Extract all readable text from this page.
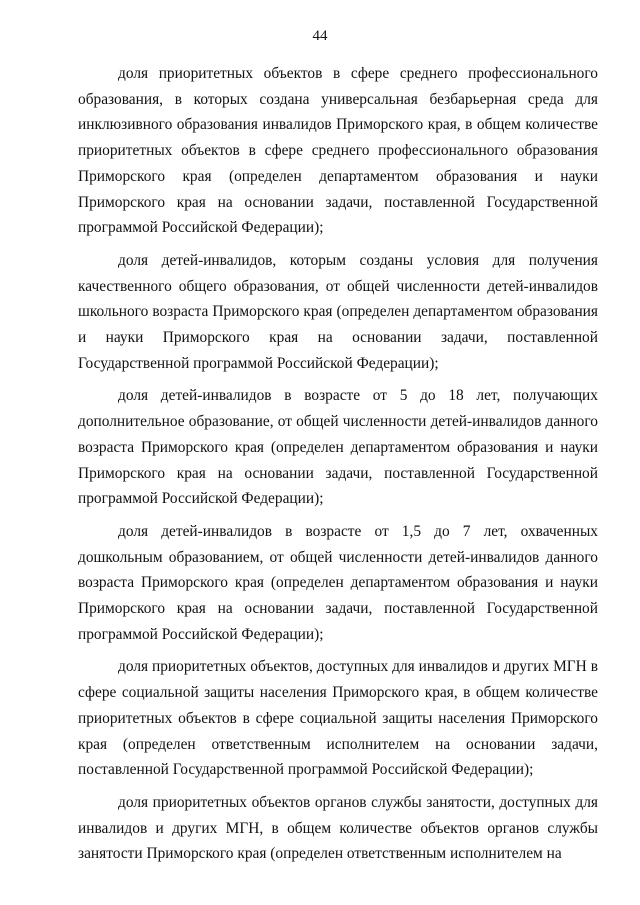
44

доля приоритетных объектов в сфере среднего профессионального образования, в которых создана универсальная безбарьерная среда для инклюзивного образования инвалидов Приморского края, в общем количестве приоритетных объектов в сфере среднего профессионального образования Приморского края (определен департаментом образования и науки Приморского края на основании задачи, поставленной Государственной программой Российской Федерации);

доля детей-инвалидов, которым созданы условия для получения качественного общего образования, от общей численности детей-инвалидов школьного возраста Приморского края (определен департаментом образования и науки Приморского края на основании задачи, поставленной Государственной программой Российской Федерации);

доля детей-инвалидов в возрасте от 5 до 18 лет, получающих дополнительное образование, от общей численности детей-инвалидов данного возраста Приморского края (определен департаментом образования и науки Приморского края на основании задачи, поставленной Государственной программой Российской Федерации);

доля детей-инвалидов в возрасте от 1,5 до 7 лет, охваченных дошкольным образованием, от общей численности детей-инвалидов данного возраста Приморского края (определен департаментом образования и науки Приморского края на основании задачи, поставленной Государственной программой Российской Федерации);

доля приоритетных объектов, доступных для инвалидов и других МГН в сфере социальной защиты населения Приморского края, в общем количестве приоритетных объектов в сфере социальной защиты населения Приморского края (определен ответственным исполнителем на основании задачи, поставленной Государственной программой Российской Федерации);

доля приоритетных объектов органов службы занятости, доступных для инвалидов и других МГН, в общем количестве объектов органов службы занятости Приморского края (определен ответственным исполнителем на
